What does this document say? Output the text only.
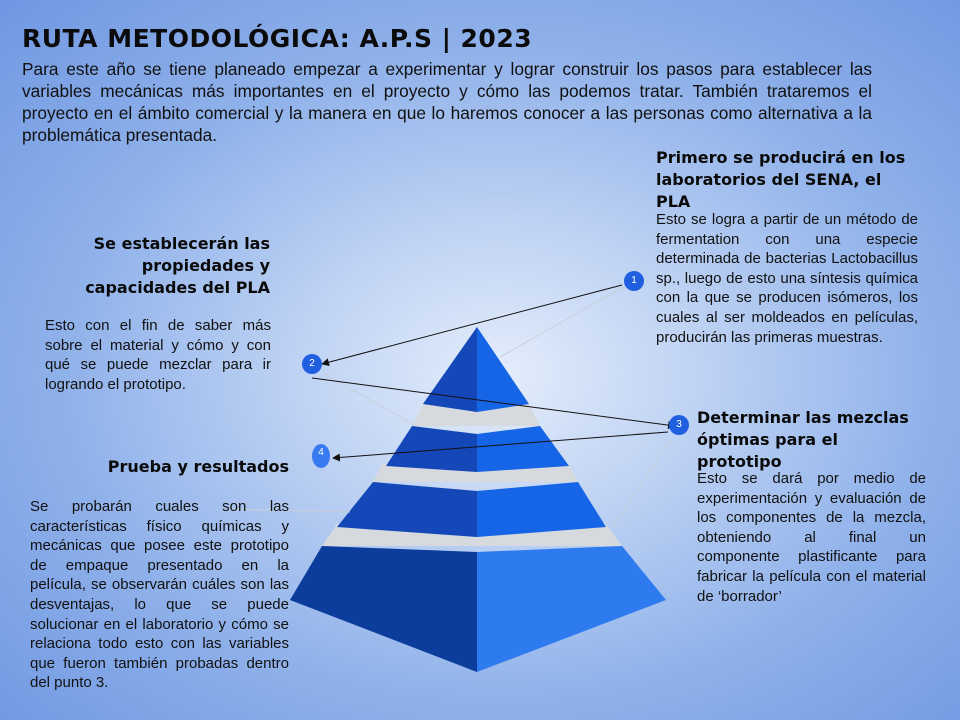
RUTA METODOLÓGICA: A.P.S | 2023

Para este año se tiene planeado empezar a experimentar y lograr construir los pasos para establecer las variables mecánicas más importantes en el proyecto y cómo las podemos tratar. También trataremos el proyecto en el ámbito comercial y la manera en que lo haremos conocer a las personas como alternativa a la problemática presentada.

1
2
3
4

Primero se producirá en los laboratorios del SENA, el PLA

Esto se logra a partir de un método de fermentation con una especie determinada de bacterias Lactobacillus sp., luego de esto una síntesis química con la que se producen isómeros, los cuales al ser moldeados en películas, producirán las primeras muestras.

Se establecerán las propiedades y capacidades del PLA

Esto con el fin de saber más sobre el material y cómo y con qué se puede mezclar para ir logrando el prototipo.

Determinar las mezclas óptimas para el prototipo

Esto se dará por medio de experimentación y evaluación de los componentes de la mezcla, obteniendo al final un componente plastificante para fabricar la película con el material de ‘borrador’

Prueba y resultados

Se probarán cuales son las características físico químicas y mecánicas que posee este prototipo de empaque presentado en la película, se observarán cuáles son las desventajas, lo que se puede solucionar en el laboratorio y cómo se relaciona todo esto con las variables que fueron también probadas dentro del punto 3.
